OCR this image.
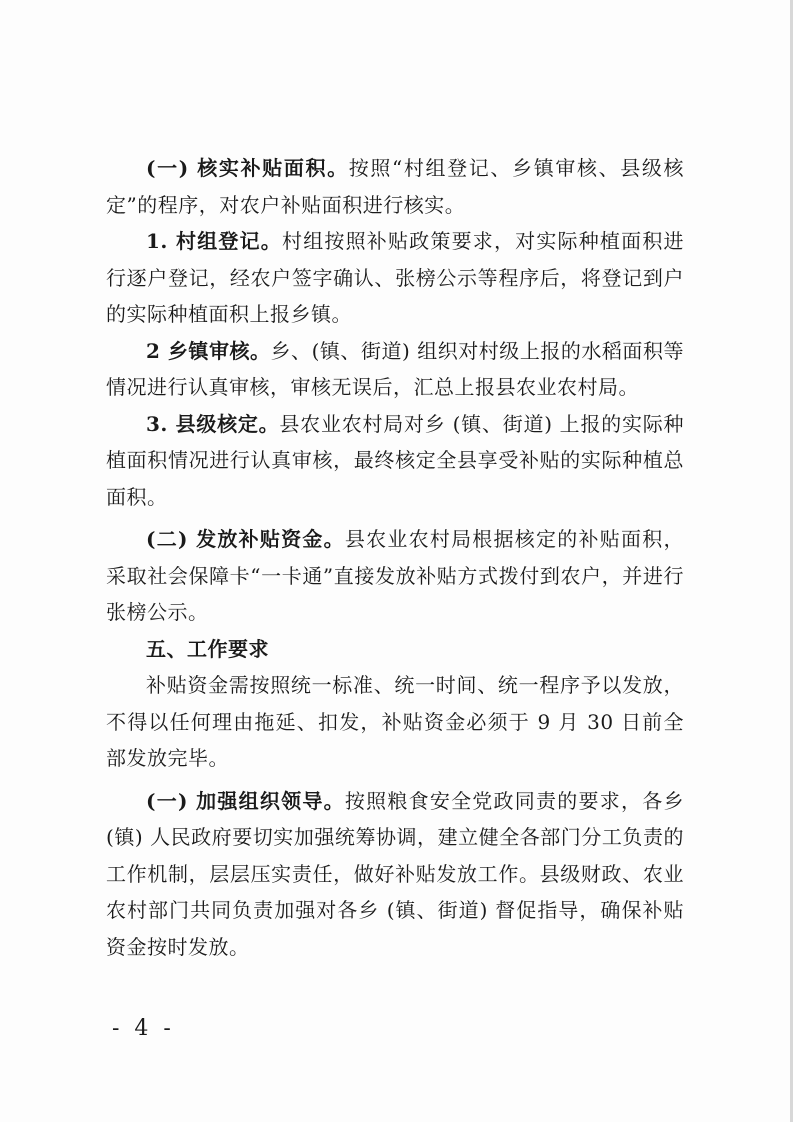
(一) 核实补贴面积。按照“村组登记、乡镇审核、县级核定”的程序，对农户补贴面积进行核实。

1. 村组登记。村组按照补贴政策要求，对实际种植面积进行逐户登记，经农户签字确认、张榜公示等程序后，将登记到户的实际种植面积上报乡镇。

2 乡镇审核。乡、(镇、街道) 组织对村级上报的水稻面积等情况进行认真审核，审核无误后，汇总上报县农业农村局。

3. 县级核定。县农业农村局对乡 (镇、街道) 上报的实际种植面积情况进行认真审核，最终核定全县享受补贴的实际种植总面积。

(二) 发放补贴资金。县农业农村局根据核定的补贴面积，采取社会保障卡“一卡通”直接发放补贴方式拨付到农户，并进行张榜公示。

五、工作要求

补贴资金需按照统一标准、统一时间、统一程序予以发放，不得以任何理由拖延、扣发，补贴资金必须于 9 月 30 日前全部发放完毕。

(一) 加强组织领导。按照粮食安全党政同责的要求，各乡 (镇) 人民政府要切实加强统筹协调，建立健全各部门分工负责的工作机制，层层压实责任，做好补贴发放工作。县级财政、农业农村部门共同负责加强对各乡 (镇、街道) 督促指导，确保补贴资金按时发放。

- 4 -
